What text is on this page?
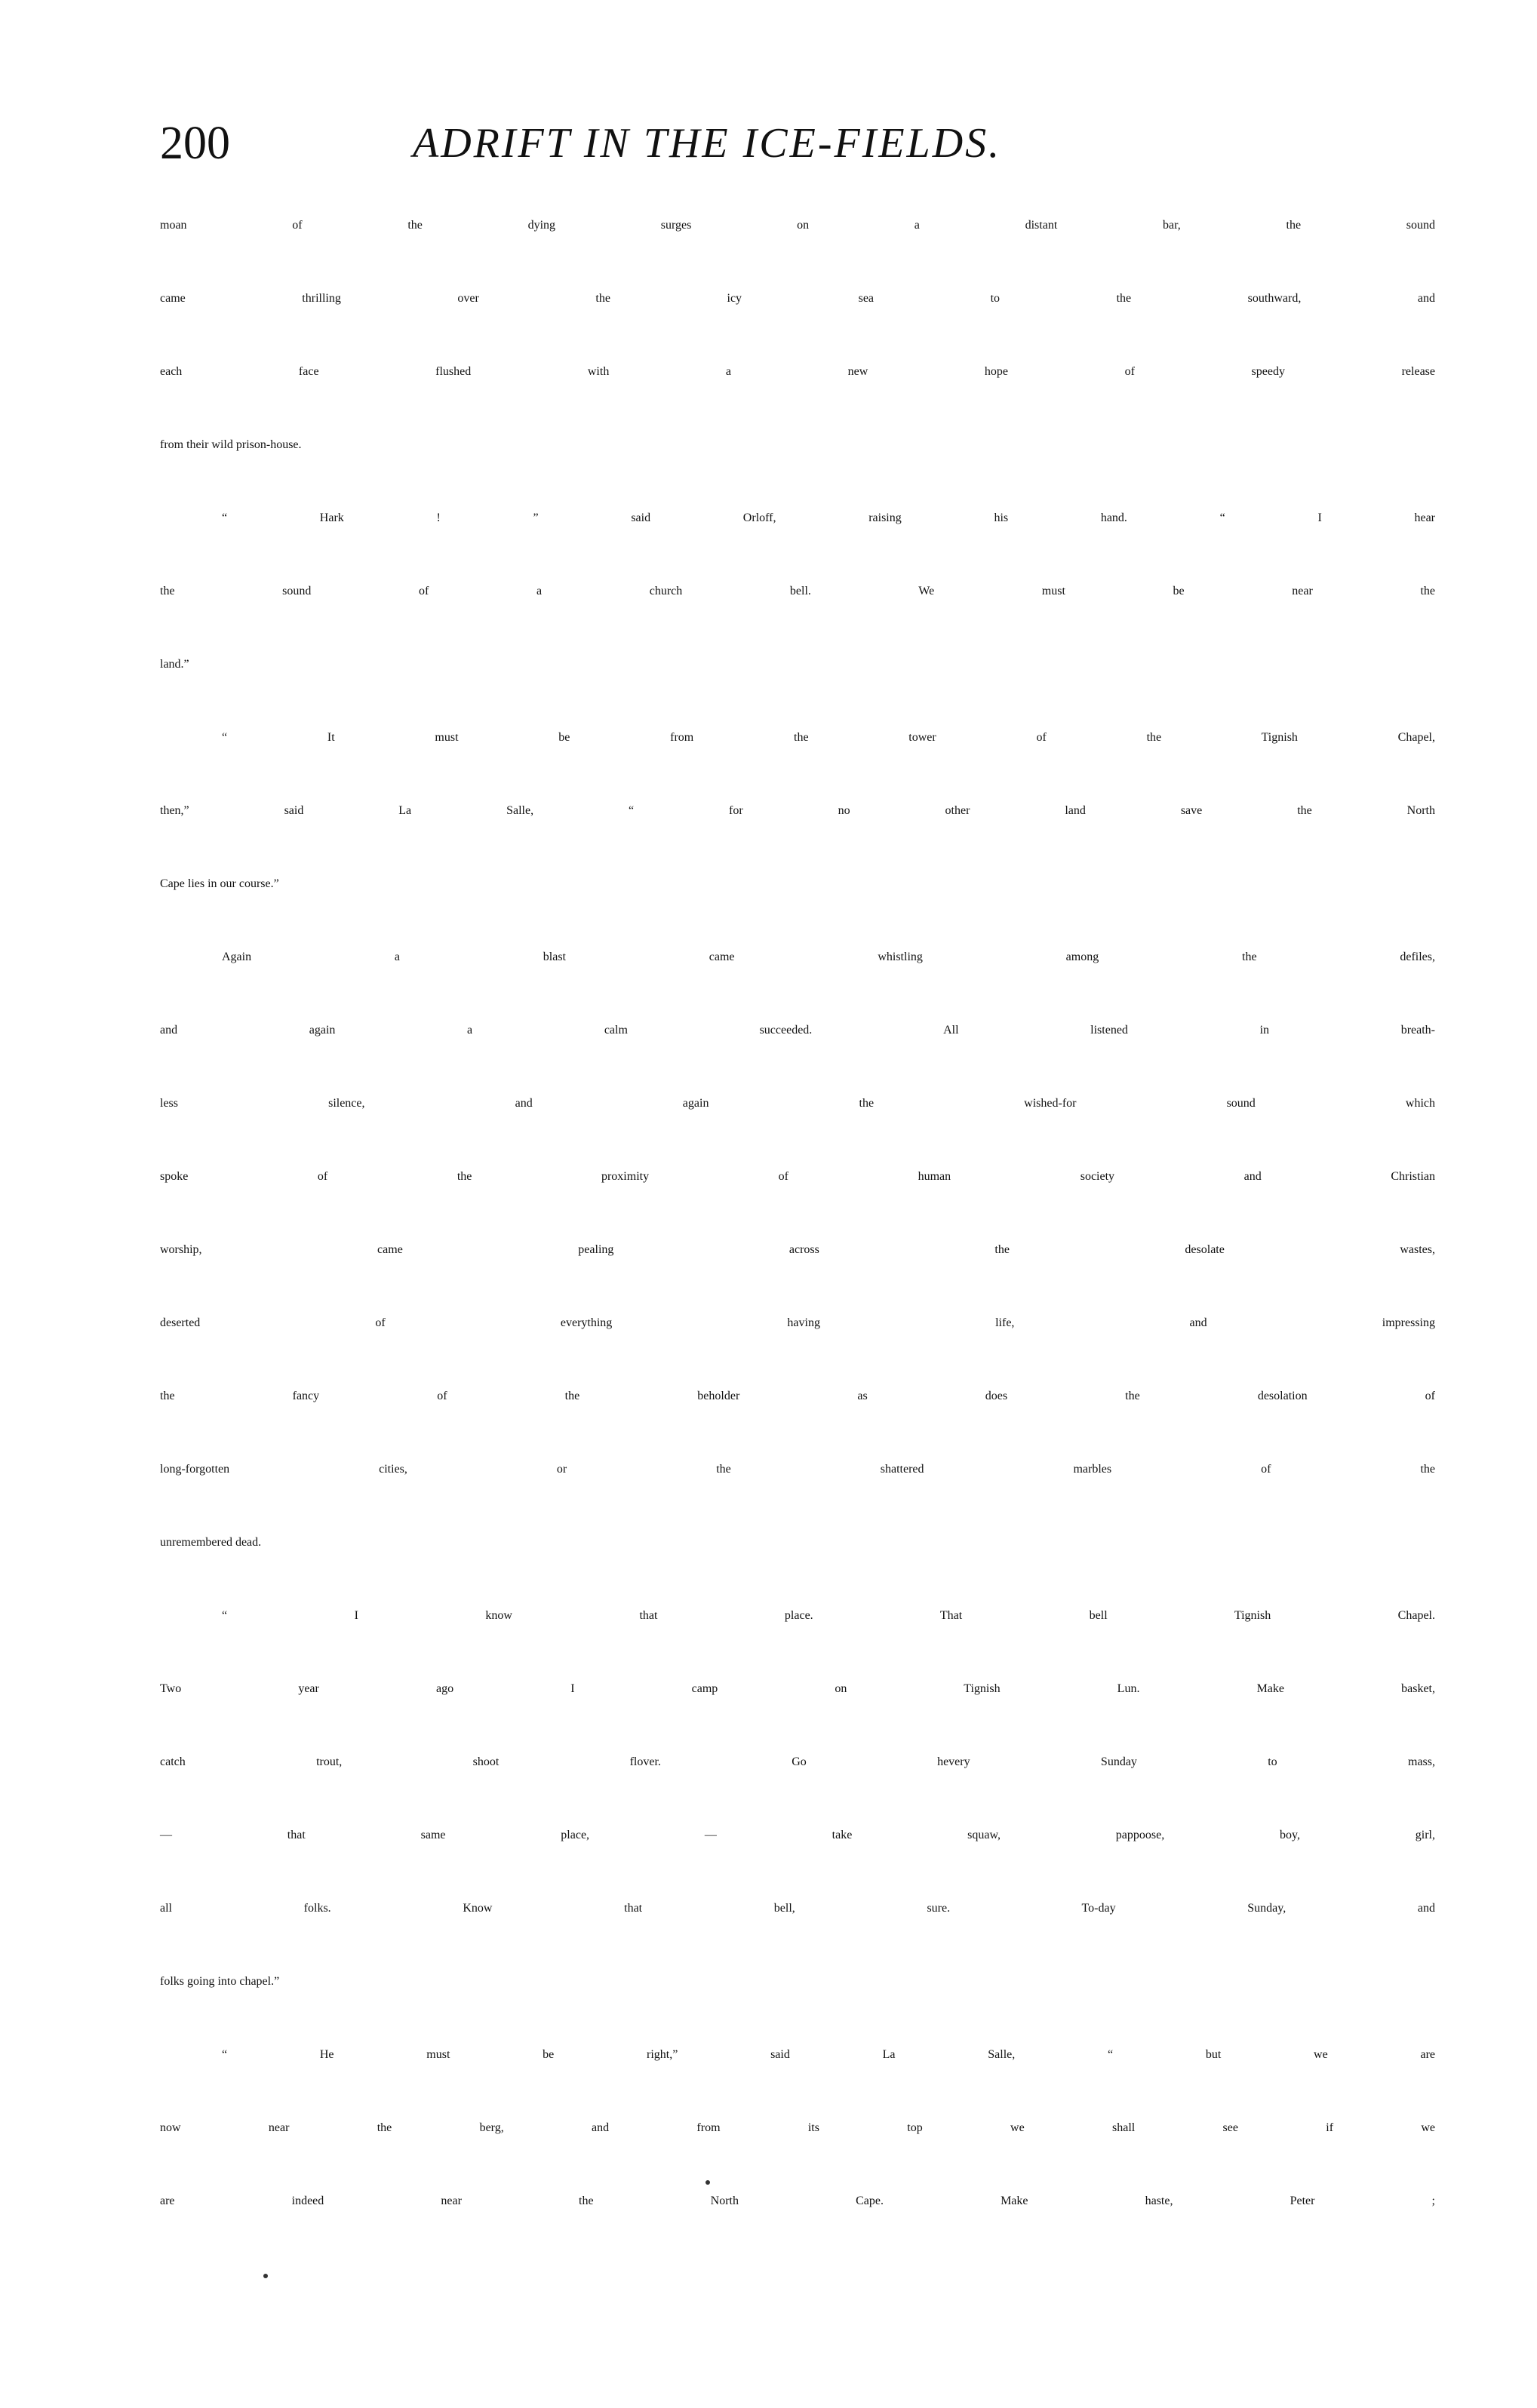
200	ADRIFT IN THE ICE-FIELDS.
moan of the dying surges on a distant bar, the sound
came thrilling over the icy sea to the southward, and
each face flushed with a new hope of speedy release
from their wild prison-house.
“ Hark ! ” said Orloff, raising his hand. “ I hear
the sound of a church bell. We must be near the
land.”
“ It must be from the tower of the Tignish Chapel,
then,” said La Salle, “ for no other land save the North
Cape lies in our course.”
Again a blast came whistling among the defiles,
and again a calm succeeded. All listened in breath-
less silence, and again the wished-for sound which
spoke of the proximity of human society and Christian
worship, came pealing across the desolate wastes,
deserted of everything having life, and impressing
the fancy of the beholder as does the desolation of
long-forgotten cities, or the shattered marbles of the
unremembered dead.
“ I know that place. That bell Tignish Chapel.
Two year ago I camp on Tignish Lun. Make basket,
catch trout, shoot flover. Go hevery Sunday to mass,
— that same place, — take squaw, pappoose, boy, girl,
all folks. Know that bell, sure. To-day Sunday, and
folks going into chapel.”
“ He must be right,” said La Salle, “ but we are
now near the berg, and from its top we shall see if we
are indeed near the North Cape. Make haste, Peter ;
